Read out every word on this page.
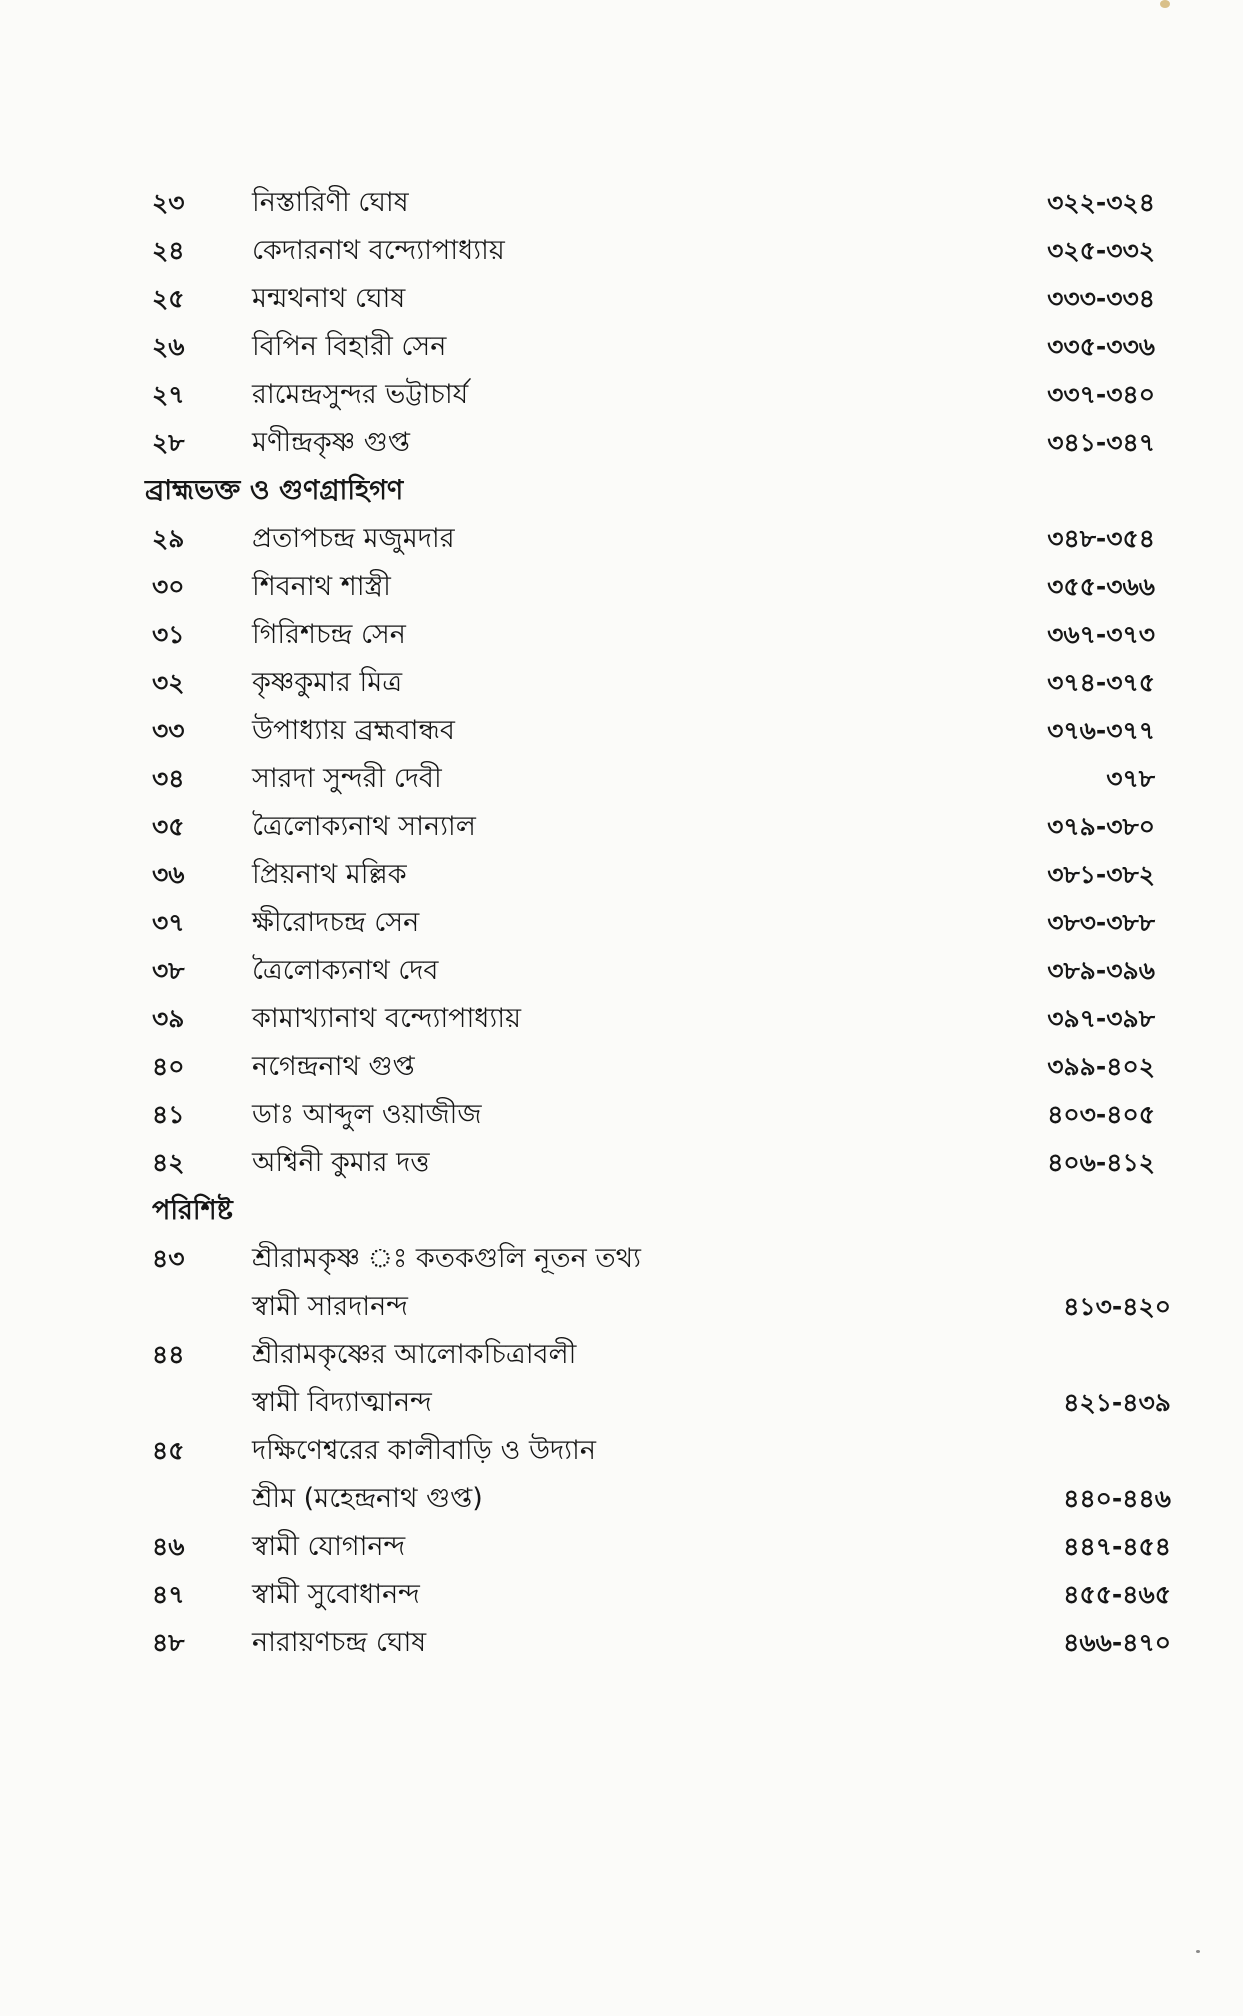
২৩ নিস্তারিণী ঘোষ	৩২২-৩২৪
২৪	কেদারনাথ বন্দ্যোপাধ্যায়	৩২৫-৩৩২
২৫	মন্মথনাথ ঘোষ	৩৩৩-৩৩৪
২৬ বিপিন বিহারী সেন	৩৩৫-৩৩৬
২৭ রামেন্দ্রসুন্দর ভট্টাচার্য	৩৩৭-৩৪০
২৮	মণীন্দ্রকৃষ্ণ গুপ্ত	৩৪১-৩৪৭
ব্রাহ্মভক্ত ও গুণগ্রাহিগণ
২৯	প্রতাপচন্দ্র মজুমদার	৩৪৮-৩৫৪
৩০ শিবনাথ শাস্ত্রী	৩৫৫-৩৬৬
৩১	গিরিশচন্দ্র সেন	৩৬৭-৩৭৩
৩২ কৃষ্ণকুমার মিত্র	৩৭৪-৩৭৫
৩৩ উপাধ্যায় ব্রহ্মবান্ধব	৩৭৬-৩৭৭
৩৪	সারদা সুন্দরী দেবী	৩৭৮
৩৫	ত্রৈলোক্যনাথ সান্যাল	৩৭৯-৩৮০
৩৬ প্রিয়নাথ মল্লিক	৩৮১-৩৮২
৩৭ ক্ষীরোদচন্দ্র সেন	৩৮৩-৩৮৮
৩৮	ত্রৈলোক্যনাথ দেব	৩৮৯-৩৯৬
৩৯	কামাখ্যানাথ বন্দ্যোপাধ্যায়	৩৯৭-৩৯৮
৪০	নগেন্দ্রনাথ গুপ্ত	৩৯৯-৪০২
৪১	ডাঃ আব্দুল ওয়াজীজ	৪০৩-৪০৫
৪২	অশ্বিনী কুমার দত্ত	৪০৬-৪১২
পরিশিষ্ট
৪৩	শ্রীরামকৃষ্ণ ঃ কতকগুলি নূতন তথ্য
স্বামী সারদানন্দ	৪১৩-৪২০
৪৪	শ্রীরামকৃষ্ণের আলোকচিত্রাবলী
স্বামী বিদ্যাত্মানন্দ	৪২১-৪৩৯
৪৫	দক্ষিণেশ্বরের কালীবাড়ি ও উদ্যান
শ্রীম (মহেন্দ্রনাথ গুপ্ত)	৪৪০-৪৪৬
৪৬	স্বামী যোগানন্দ	৪৪৭-৪৫৪
৪৭	স্বামী সুবোধানন্দ	৪৫৫-৪৬৫
৪৮	নারায়ণচন্দ্র ঘোষ	৪৬৬-৪৭০
